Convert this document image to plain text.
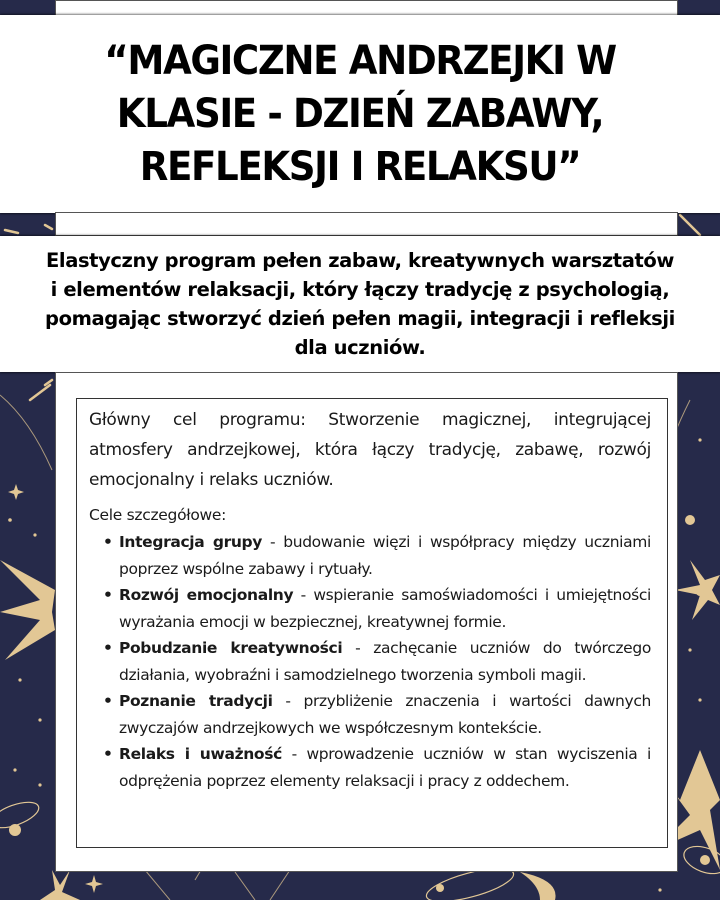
“MAGICZNE ANDRZEJKI W KLASIE - DZIEŃ ZABAWY, REFLEKSJI I RELAKSU”

Elastyczny program pełen zabaw, kreatywnych warsztatów i elementów relaksacji, który łączy tradycję z psychologią, pomagając stworzyć dzień pełen magii, integracji i refleksji dla uczniów.

Główny cel programu: Stworzenie magicznej, integrującej atmosfery andrzejkowej, która łączy tradycję, zabawę, rozwój emocjonalny i relaks uczniów.

Cele szczegółowe:

• Integracja grupy - budowanie więzi i współpracy między uczniami poprzez wspólne zabawy i rytuały.
• Rozwój emocjonalny - wspieranie samoświadomości i umiejętności wyrażania emocji w bezpiecznej, kreatywnej formie.
• Pobudzanie kreatywności - zachęcanie uczniów do twórczego działania, wyobraźni i samodzielnego tworzenia symboli magii.
• Poznanie tradycji - przybliżenie znaczenia i wartości dawnych zwyczajów andrzejkowych we współczesnym kontekście.
• Relaks i uważność - wprowadzenie uczniów w stan wyciszenia i odprężenia poprzez elementy relaksacji i pracy z oddechem.
